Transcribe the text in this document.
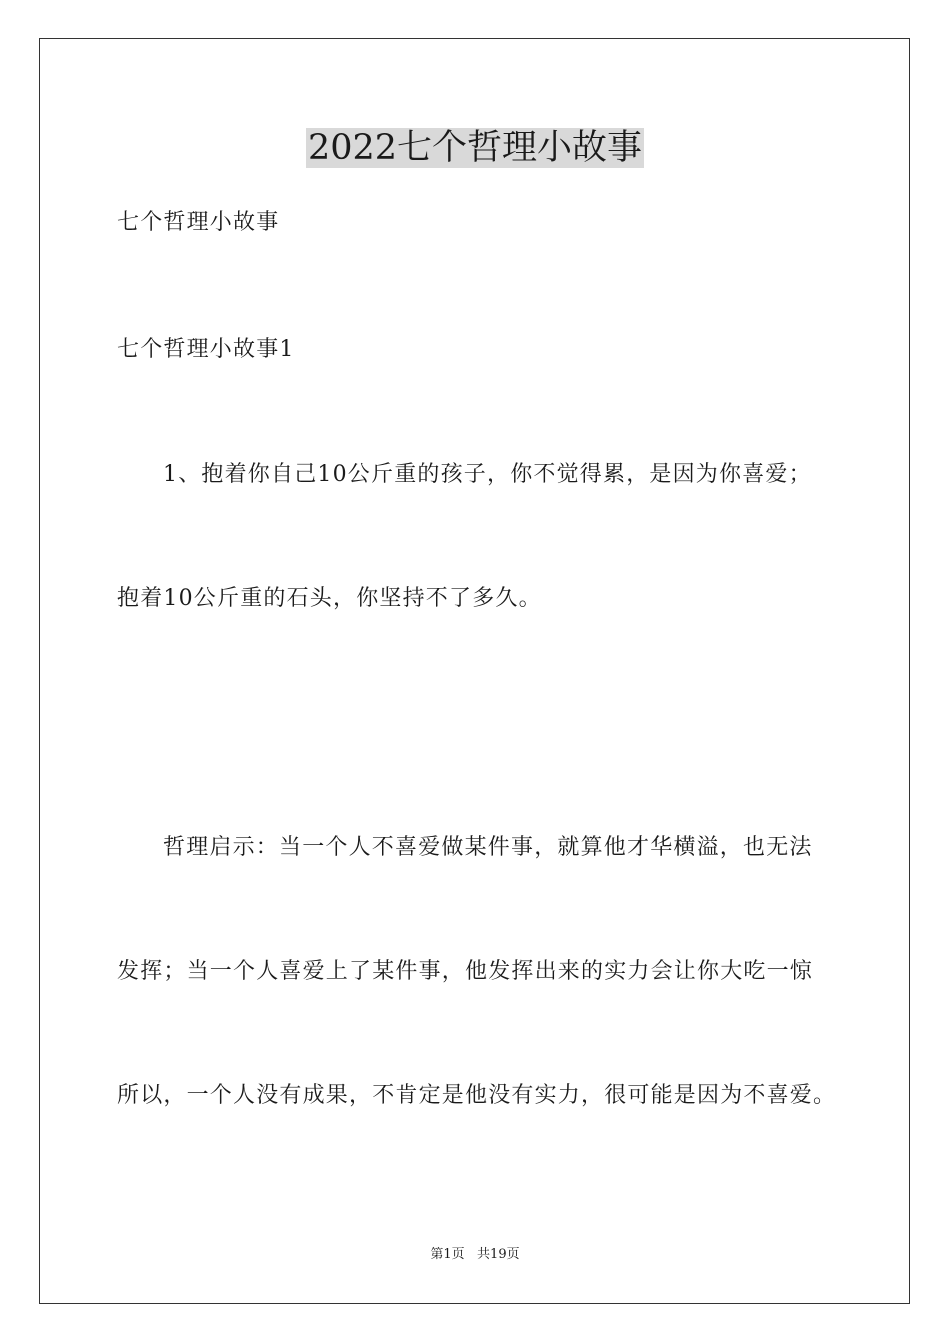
2022七个哲理小故事

七个哲理小故事

七个哲理小故事1

1、抱着你自己10公斤重的孩子，你不觉得累，是因为你喜爱；

抱着10公斤重的石头，你坚持不了多久。

哲理启示：当一个人不喜爱做某件事，就算他才华横溢，也无法

发挥；当一个人喜爱上了某件事，他发挥出来的实力会让你大吃一惊

所以，一个人没有成果，不肯定是他没有实力，很可能是因为不喜爱。

第1页   共19页
